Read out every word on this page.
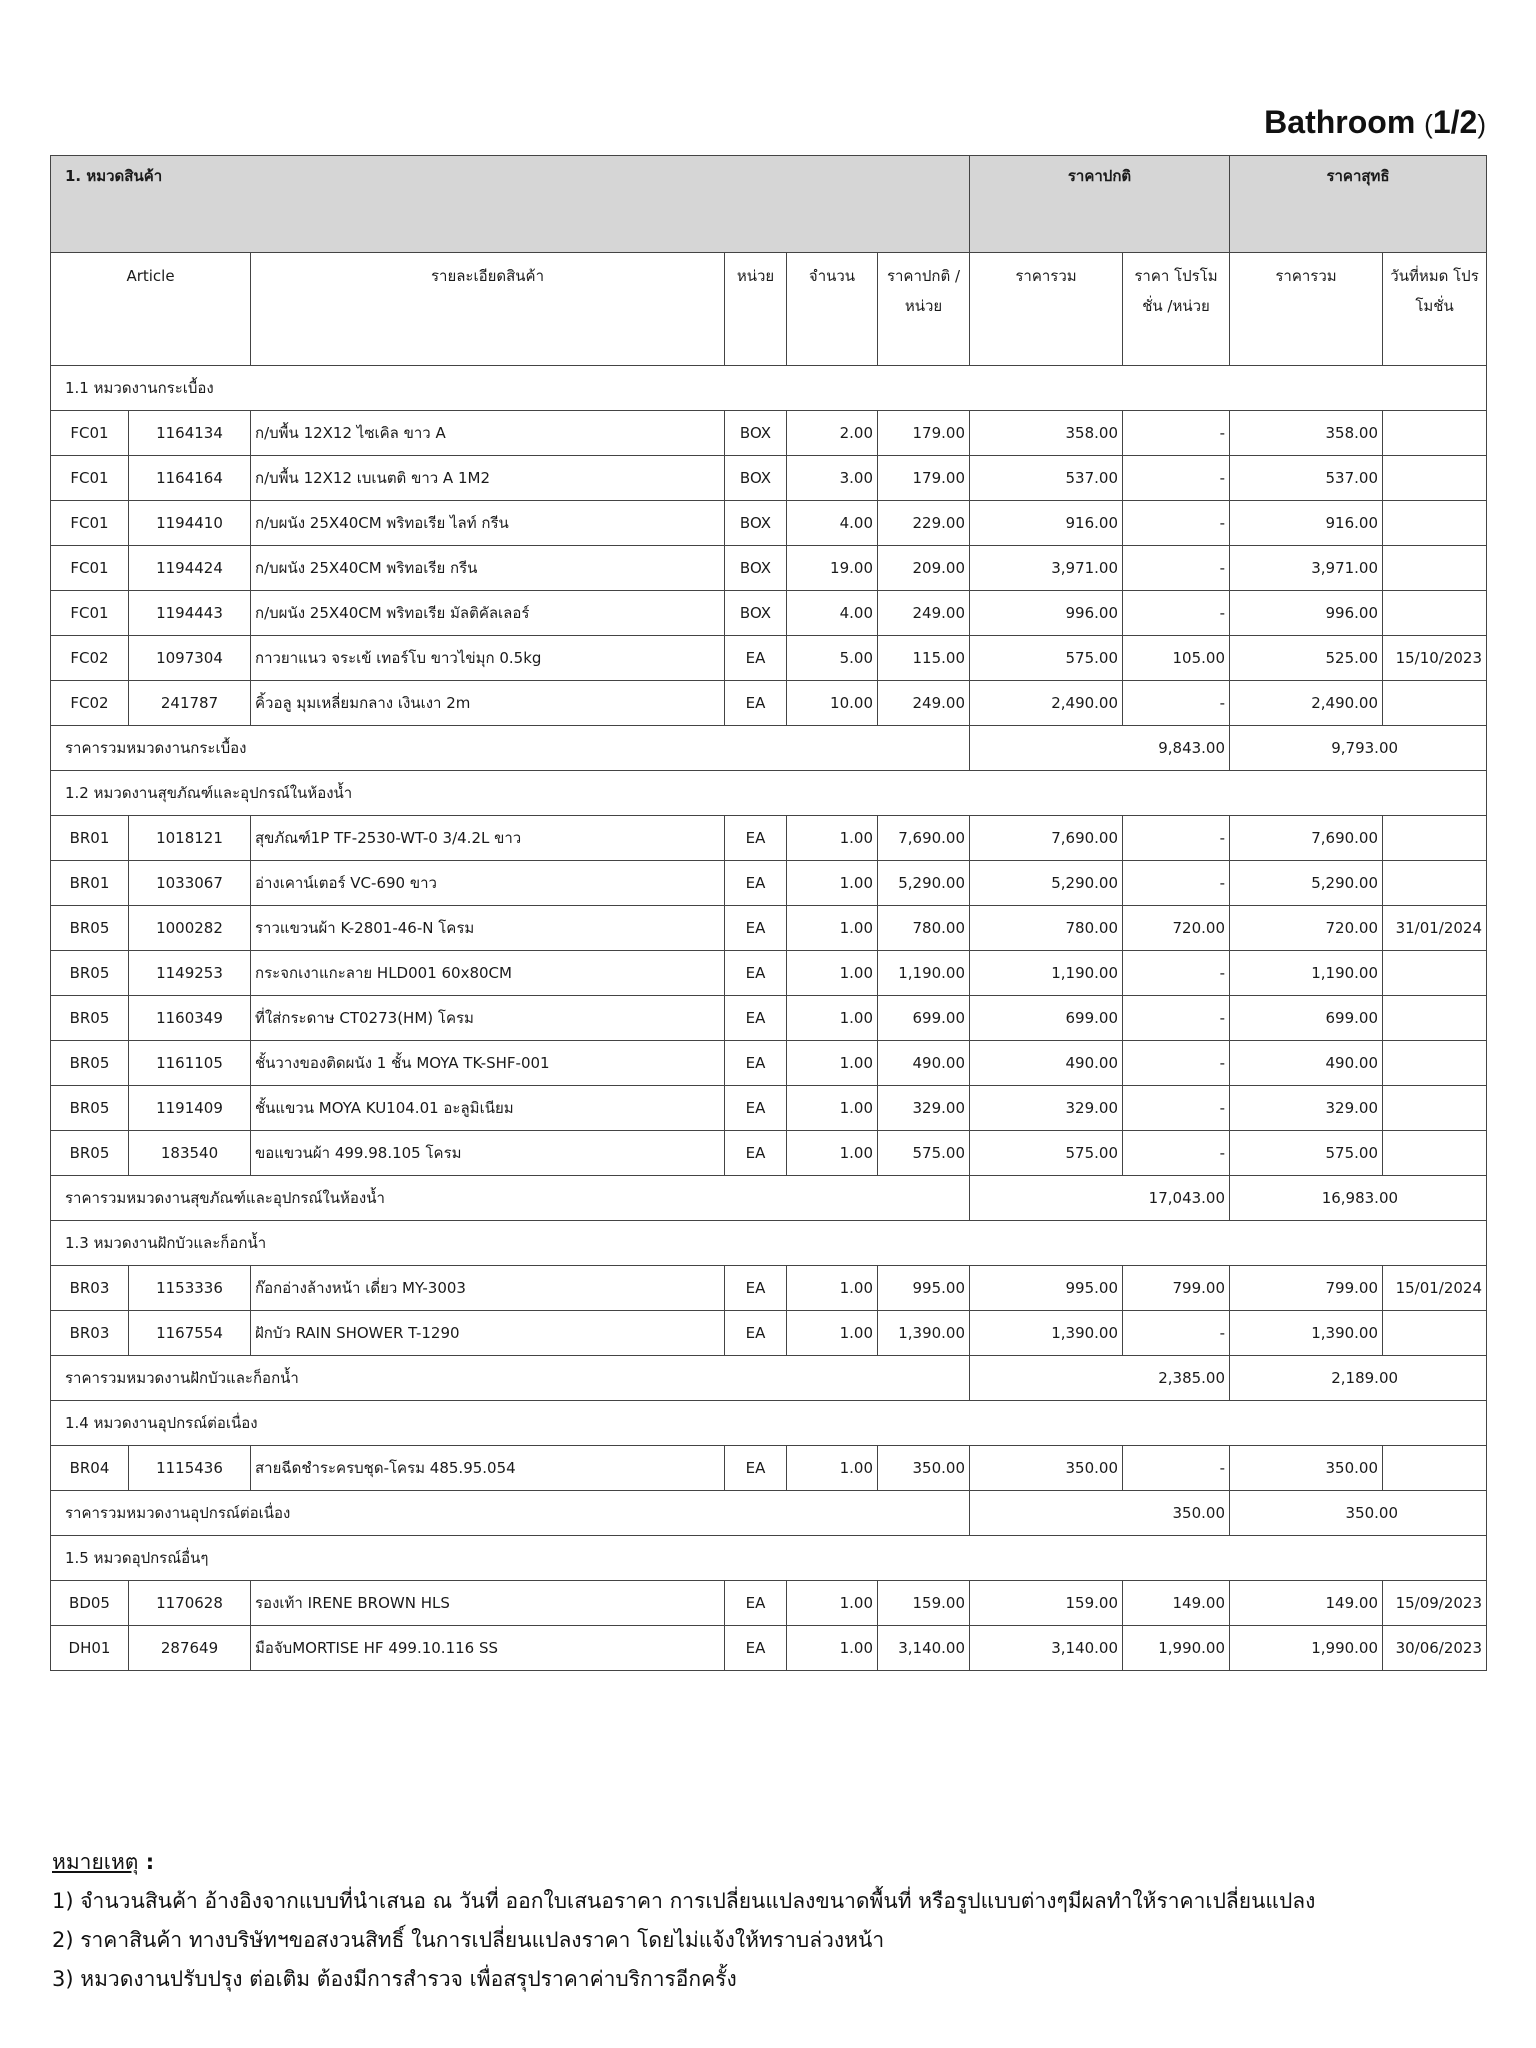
Bathroom (1/2)
1. หมวดสินค้า						ราคาปกติ		ราคาสุทธิ	
Article		รายละเอียดสินค้า	หน่วย	จำนวน	ราคาปกติ /หน่วย	ราคารวม	ราคา โปรโมชั่น /หน่วย	ราคารวม	วันที่หมด โปรโมชั่น
1.1 หมวดงานกระเบื้อง									
FC01	1164134	ก/บพื้น 12X12 ไซเคิล ขาว A	BOX	2.00	179.00	358.00	-	358.00	
FC01	1164164	ก/บพื้น 12X12 เบเนตติ ขาว A 1M2	BOX	3.00	179.00	537.00	-	537.00	
FC01	1194410	ก/บผนัง 25X40CM พริทอเรีย ไลท์ กรีน	BOX	4.00	229.00	916.00	-	916.00	
FC01	1194424	ก/บผนัง 25X40CM พริทอเรีย กรีน	BOX	19.00	209.00	3,971.00	-	3,971.00	
FC01	1194443	ก/บผนัง 25X40CM พริทอเรีย มัลติคัลเลอร์	BOX	4.00	249.00	996.00	-	996.00	
FC02	1097304	กาวยาแนว จระเข้ เทอร์โบ ขาวไข่มุก 0.5kg	EA	5.00	115.00	575.00	105.00	525.00	15/10/2023
FC02	241787	คิ้วอลู มุมเหลี่ยมกลาง เงินเงา 2m	EA	10.00	249.00	2,490.00	-	2,490.00	
ราคารวมหมวดงานกระเบื้อง						9,843.00		9,793.00	
1.2 หมวดงานสุขภัณฑ์และอุปกรณ์ในห้องน้ำ									
BR01	1018121	สุขภัณฑ์1P TF-2530-WT-0 3/4.2L ขาว	EA	1.00	7,690.00	7,690.00	-	7,690.00	
BR01	1033067	อ่างเคาน์เตอร์ VC-690 ขาว	EA	1.00	5,290.00	5,290.00	-	5,290.00	
BR05	1000282	ราวแขวนผ้า K-2801-46-N โครม	EA	1.00	780.00	780.00	720.00	720.00	31/01/2024
BR05	1149253	กระจกเงาแกะลาย HLD001 60x80CM	EA	1.00	1,190.00	1,190.00	-	1,190.00	
BR05	1160349	ที่ใส่กระดาษ CT0273(HM) โครม	EA	1.00	699.00	699.00	-	699.00	
BR05	1161105	ชั้นวางของติดผนัง 1 ชั้น MOYA TK-SHF-001	EA	1.00	490.00	490.00	-	490.00	
BR05	1191409	ชั้นแขวน MOYA KU104.01 อะลูมิเนียม	EA	1.00	329.00	329.00	-	329.00	
BR05	183540	ขอแขวนผ้า 499.98.105 โครม	EA	1.00	575.00	575.00	-	575.00	
ราคารวมหมวดงานสุขภัณฑ์และอุปกรณ์ในห้องน้ำ						17,043.00		16,983.00	
1.3 หมวดงานฝักบัวและก็อกน้ำ									
BR03	1153336	ก๊อกอ่างล้างหน้า เดี่ยว MY-3003	EA	1.00	995.00	995.00	799.00	799.00	15/01/2024
BR03	1167554	ฝักบัว RAIN SHOWER T-1290	EA	1.00	1,390.00	1,390.00	-	1,390.00	
ราคารวมหมวดงานฝักบัวและก็อกน้ำ						2,385.00		2,189.00	
1.4 หมวดงานอุปกรณ์ต่อเนื่อง									
BR04	1115436	สายฉีดชำระครบชุด-โครม 485.95.054	EA	1.00	350.00	350.00	-	350.00	
ราคารวมหมวดงานอุปกรณ์ต่อเนื่อง						350.00		350.00	
1.5 หมวดอุปกรณ์อื่นๆ									
BD05	1170628	รองเท้า IRENE BROWN HLS	EA	1.00	159.00	159.00	149.00	149.00	15/09/2023
DH01	287649	มือจับMORTISE HF 499.10.116 SS	EA	1.00	3,140.00	3,140.00	1,990.00	1,990.00	30/06/2023
หมายเหตุ :
1) จำนวนสินค้า อ้างอิงจากแบบที่นำเสนอ ณ วันที่ ออกใบเสนอราคา การเปลี่ยนแปลงขนาดพื้นที่ หรือรูปแบบต่างๆมีผลทำให้ราคาเปลี่ยนแปลง
2) ราคาสินค้า ทางบริษัทฯขอสงวนสิทธิ์ ในการเปลี่ยนแปลงราคา โดยไม่แจ้งให้ทราบล่วงหน้า
3) หมวดงานปรับปรุง ต่อเติม ต้องมีการสำรวจ เพื่อสรุปราคาค่าบริการอีกครั้ง
